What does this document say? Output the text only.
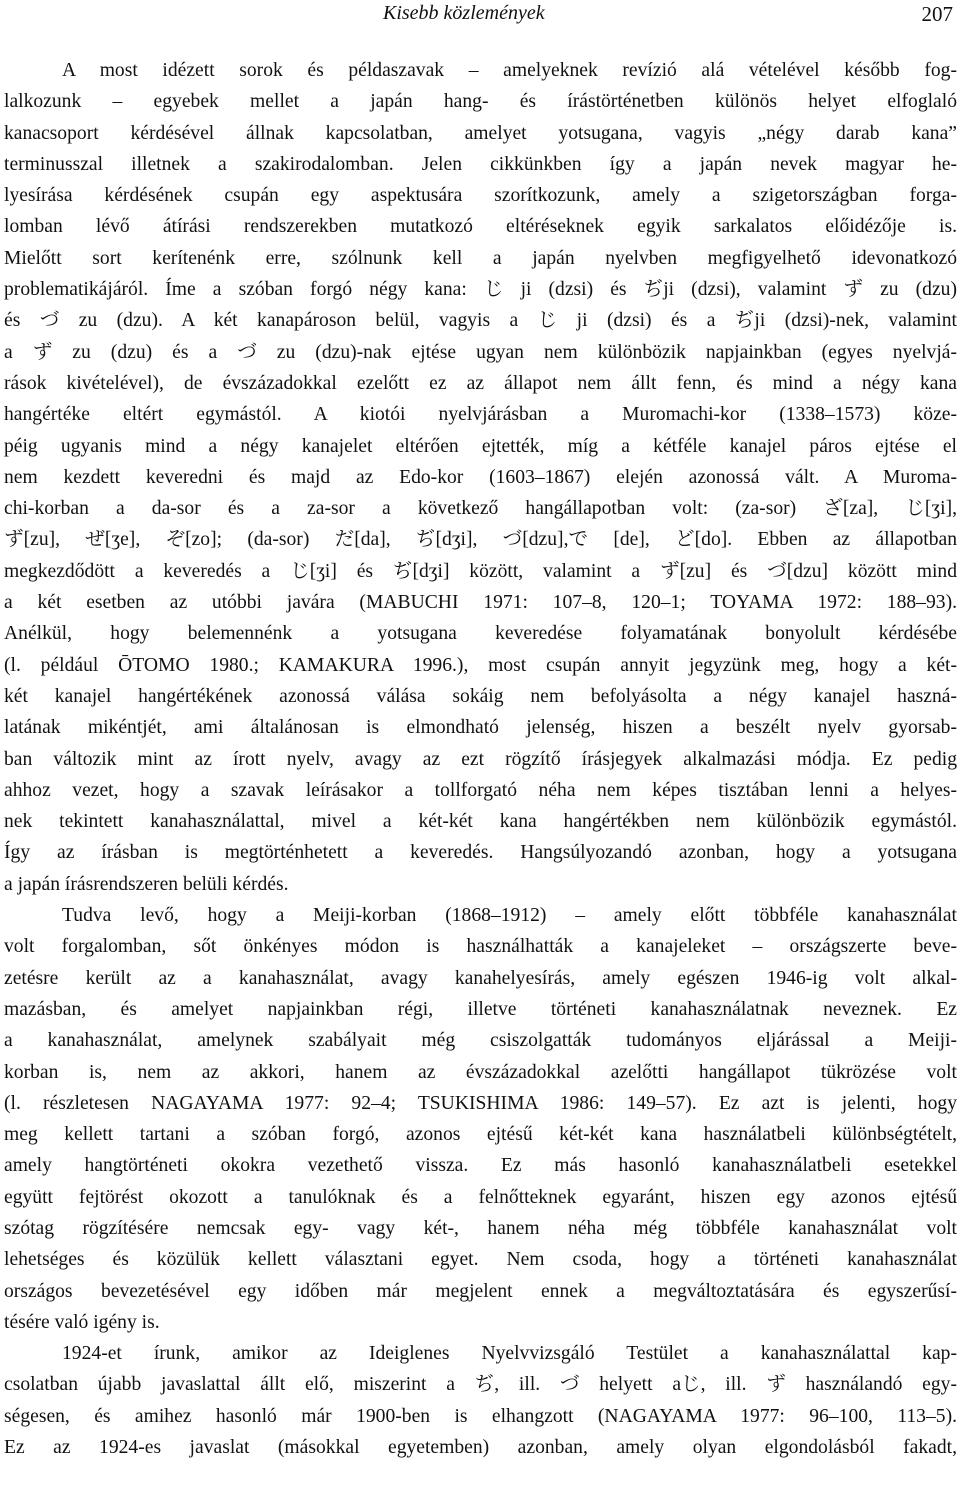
Kisebb közlemények	207
A most idézett sorok és példaszavak – amelyeknek revízió alá vételével később fog-
lalkozunk – egyebek mellet a japán hang- és írástörténetben különös helyet elfoglaló
kanacsoport kérdésével állnak kapcsolatban, amelyet yotsugana, vagyis „négy darab kana”
terminusszal illetnek a szakirodalomban. Jelen cikkünkben így a japán nevek magyar he-
lyesírása kérdésének csupán egy aspektusára szorítkozunk, amely a szigetországban forga-
lomban lévő átírási rendszerekben mutatkozó eltéréseknek egyik sarkalatos előidézője is.
Mielőtt sort kerítenénk erre, szólnunk kell a japán nyelvben megfigyelhető idevonatkozó
problematikájáról. Íme a szóban forgó négy kana: じ ji (dzsi) és ぢji (dzsi), valamint ず zu (dzu)
és づ zu (dzu). A két kanapároson belül, vagyis a じ ji (dzsi) és a ぢji (dzsi)-nek, valamint
a ず zu (dzu) és a づ zu (dzu)-nak ejtése ugyan nem különbözik napjainkban (egyes nyelvjá-
rások kivételével), de évszázadokkal ezelőtt ez az állapot nem állt fenn, és mind a négy kana
hangértéke eltért egymástól. A kiotói nyelvjárásban a Muromachi-kor (1338–1573) köze-
péig ugyanis mind a négy kanajelet eltérően ejtették, míg a kétféle kanajel páros ejtése el
nem kezdett keveredni és majd az Edo-kor (1603–1867) elején azonossá vált. A Muroma-
chi-korban a da-sor és a za-sor a következő hangállapotban volt: (za-sor) ざ[za], じ[ʒi],
ず[zu], ぜ[ʒe], ぞ[zo]; (da-sor) だ[da], ぢ[dʒi], づ[dzu],で [de], ど[do]. Ebben az állapotban
megkezdődött a keveredés a じ[ʒi] és ぢ[dʒi] között, valamint a ず[zu] és づ[dzu] között mind
a két esetben az utóbbi javára (MABUCHI 1971: 107–8, 120–1; TOYAMA 1972: 188–93).
Anélkül, hogy belemennénk a yotsugana keveredése folyamatának bonyolult kérdésébe
(l. például ŌTOMO 1980.; KAMAKURA 1996.), most csupán annyit jegyzünk meg, hogy a két-
két kanajel hangértékének azonossá válása sokáig nem befolyásolta a négy kanajel haszná-
latának mikéntjét, ami általánosan is elmondható jelenség, hiszen a beszélt nyelv gyorsab-
ban változik mint az írott nyelv, avagy az ezt rögzítő írásjegyek alkalmazási módja. Ez pedig
ahhoz vezet, hogy a szavak leírásakor a tollforgató néha nem képes tisztában lenni a helyes-
nek tekintett kanahasználattal, mivel a két-két kana hangértékben nem különbözik egymástól.
Így az írásban is megtörténhetett a keveredés. Hangsúlyozandó azonban, hogy a yotsugana
a japán írásrendszeren belüli kérdés.
Tudva levő, hogy a Meiji-korban (1868–1912) – amely előtt többféle kanahasználat
volt forgalomban, sőt önkényes módon is használhatták a kanajeleket – országszerte beve-
zetésre került az a kanahasználat, avagy kanahelyesírás, amely egészen 1946-ig volt alkal-
mazásban, és amelyet napjainkban régi, illetve történeti kanahasználatnak neveznek. Ez
a kanahasználat, amelynek szabályait még csiszolgatták tudományos eljárással a Meiji-
korban is, nem az akkori, hanem az évszázadokkal azelőtti hangállapot tükrözése volt
(l. részletesen NAGAYAMA 1977: 92–4; TSUKISHIMA 1986: 149–57). Ez azt is jelenti, hogy
meg kellett tartani a szóban forgó, azonos ejtésű két-két kana használatbeli különbségtételt,
amely hangtörténeti okokra vezethető vissza. Ez más hasonló kanahasználatbeli esetekkel
együtt fejtörést okozott a tanulóknak és a felnőtteknek egyaránt, hiszen egy azonos ejtésű
szótag rögzítésére nemcsak egy- vagy két-, hanem néha még többféle kanahasználat volt
lehetséges és közülük kellett választani egyet. Nem csoda, hogy a történeti kanahasználat
országos bevezetésével egy időben már megjelent ennek a megváltoztatására és egyszerűsí-
tésére való igény is.
1924-et írunk, amikor az Ideiglenes Nyelvvizsgáló Testület a kanahasználattal kap-
csolatban újabb javaslattal állt elő, miszerint a ぢ, ill. づ helyett aじ, ill. ず használandó egy-
ségesen, és amihez hasonló már 1900-ben is elhangzott (NAGAYAMA 1977: 96–100, 113–5).
Ez az 1924-es javaslat (másokkal egyetemben) azonban, amely olyan elgondolásból fakadt,
